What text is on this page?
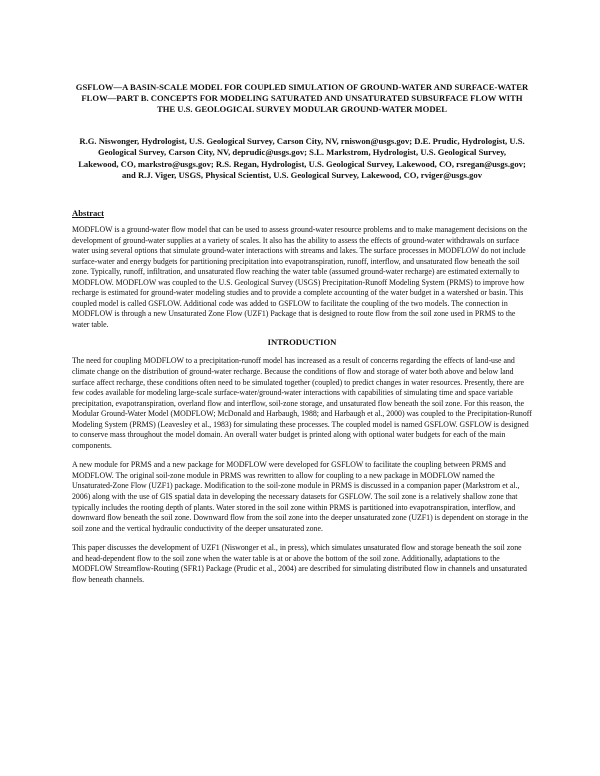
GSFLOW—A BASIN-SCALE MODEL FOR COUPLED SIMULATION OF GROUND-WATER AND SURFACE-WATER FLOW—PART B. CONCEPTS FOR MODELING SATURATED AND UNSATURATED SUBSURFACE FLOW WITH THE U.S. GEOLOGICAL SURVEY MODULAR GROUND-WATER MODEL
R.G. Niswonger, Hydrologist, U.S. Geological Survey, Carson City, NV, rniswon@usgs.gov; D.E. Prudic, Hydrologist, U.S. Geological Survey, Carson City, NV, deprudic@usgs.gov; S.L. Markstrom, Hydrologist, U.S. Geological Survey, Lakewood, CO, markstro@usgs.gov; R.S. Regan, Hydrologist, U.S. Geological Survey, Lakewood, CO, rsregan@usgs.gov; and R.J. Viger, USGS, Physical Scientist, U.S. Geological Survey, Lakewood, CO, rviger@usgs.gov
Abstract
MODFLOW is a ground-water flow model that can be used to assess ground-water resource problems and to make management decisions on the development of ground-water supplies at a variety of scales. It also has the ability to assess the effects of ground-water withdrawals on surface water using several options that simulate ground-water interactions with streams and lakes. The surface processes in MODFLOW do not include surface-water and energy budgets for partitioning precipitation into evapotranspiration, runoff, interflow, and unsaturated flow beneath the soil zone. Typically, runoff, infiltration, and unsaturated flow reaching the water table (assumed ground-water recharge) are estimated externally to MODFLOW. MODFLOW was coupled to the U.S. Geological Survey (USGS) Precipitation-Runoff Modeling System (PRMS) to improve how recharge is estimated for ground-water modeling studies and to provide a complete accounting of the water budget in a watershed or basin. This coupled model is called GSFLOW. Additional code was added to GSFLOW to facilitate the coupling of the two models. The connection in MODFLOW is through a new Unsaturated Zone Flow (UZF1) Package that is designed to route flow from the soil zone used in PRMS to the water table.
INTRODUCTION
The need for coupling MODFLOW to a precipitation-runoff model has increased as a result of concerns regarding the effects of land-use and climate change on the distribution of ground-water recharge. Because the conditions of flow and storage of water both above and below land surface affect recharge, these conditions often need to be simulated together (coupled) to predict changes in water resources. Presently, there are few codes available for modeling large-scale surface-water/ground-water interactions with capabilities of simulating time and space variable precipitation, evapotranspiration, overland flow and interflow, soil-zone storage, and unsaturated flow beneath the soil zone. For this reason, the Modular Ground-Water Model (MODFLOW; McDonald and Harbaugh, 1988; and Harbaugh et al., 2000) was coupled to the Precipitation-Runoff Modeling System (PRMS) (Leavesley et al., 1983) for simulating these processes. The coupled model is named GSFLOW. GSFLOW is designed to conserve mass throughout the model domain. An overall water budget is printed along with optional water budgets for each of the main components.
A new module for PRMS and a new package for MODFLOW were developed for GSFLOW to facilitate the coupling between PRMS and MODFLOW. The original soil-zone module in PRMS was rewritten to allow for coupling to a new package in MODFLOW named the Unsaturated-Zone Flow (UZF1) package. Modification to the soil-zone module in PRMS is discussed in a companion paper (Markstrom et al., 2006) along with the use of GIS spatial data in developing the necessary datasets for GSFLOW. The soil zone is a relatively shallow zone that typically includes the rooting depth of plants. Water stored in the soil zone within PRMS is partitioned into evapotranspiration, interflow, and downward flow beneath the soil zone. Downward flow from the soil zone into the deeper unsaturated zone (UZF1) is dependent on storage in the soil zone and the vertical hydraulic conductivity of the deeper unsaturated zone.
This paper discusses the development of UZF1 (Niswonger et al., in press), which simulates unsaturated flow and storage beneath the soil zone and head-dependent flow to the soil zone when the water table is at or above the bottom of the soil zone. Additionally, adaptations to the MODFLOW Streamflow-Routing (SFR1) Package (Prudic et al., 2004) are described for simulating distributed flow in channels and unsaturated flow beneath channels.
